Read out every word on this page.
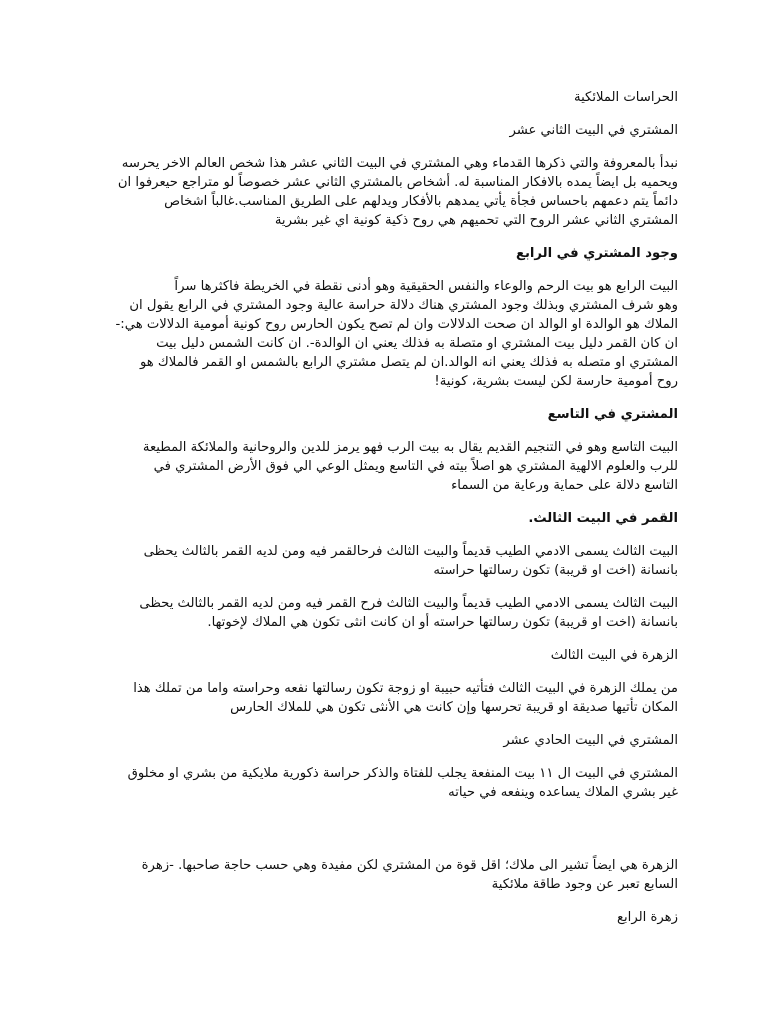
الحراسات الملائكية

المشتري في البيت الثاني عشر

نبدأ بالمعروفة والتي ذكرها القدماء وهي المشتري في البيت الثاني عشر هذا شخص العالم الاخر يحرسه

ويحميه بل ايضاً يمده بالافكار المناسبة له. أشخاص بالمشتري الثاني عشر خصوصاً لو متراجع حيعرفوا ان

دائماً يتم دعمهم باحساس فجأة يأتي يمدهم بالأفكار ويدلهم على الطريق المناسب.غالباً اشخاص

المشتري الثاني عشر الروح التي تحميهم هي روح ذكية كونية اي غير بشرية

وجود المشتري في الرابع

البيت الرابع هو بيت الرحم والوعاء والنفس الحقيقية وهو أدنى نقطة في الخريطة فاكثرها سراً

وهو شرف المشتري وبذلك وجود المشتري هناك دلالة حراسة عالية وجود المشتري في الرابع يقول ان

الملاك هو الوالدة او الوالد ان صحت الدلالات وان لم تصح يكون الحارس روح كونية أمومية الدلالات هي:-

ان كان القمر دليل بيت المشتري او متصلة به فذلك يعني ان الوالدة-. ان كانت الشمس دليل بيت

المشتري او متصله به فذلك يعني انه الوالد.ان لم يتصل مشتري الرابع بالشمس او القمر فالملاك هو

روح أمومية حارسة لكن ليست بشرية، كونية!

المشتري في التاسع

البيت التاسع وهو في التنجيم القديم يقال به بيت الرب فهو يرمز للدين والروحانية والملائكة المطيعة

للرب والعلوم الالهية المشتري هو اصلاً بيته في التاسع ويمثل الوعي الي فوق الأرض المشتري في

التاسع دلالة على حماية ورعاية من السماء

القمر في البيت الثالث.

البيت الثالث يسمى الادمي الطيب قديماً والبيت الثالث فرحالقمر فيه ومن لديه القمر بالثالث يحظى

بانسانة (اخت او قريبة) تكون رسالتها حراسته

البيت الثالث يسمى الادمي الطيب قديماً والبيت الثالث فرح القمر فيه ومن لديه القمر بالثالث يحظى

بانسانة (اخت او قريبة) تكون رسالتها حراسته أو ان كانت انثى تكون هي الملاك لإخوتها.

الزهرة في البيت الثالث

من يملك الزهرة في البيت الثالث فتأتيه حبيبة او زوجة تكون رسالتها نفعه وحراسته واما من تملك هذا

المكان تأتيها صديقة او قريبة تحرسها وإن كانت هي الأنثى تكون هي للملاك الحارس

المشتري في البيت الحادي عشر

المشتري في البيت ال ١١ بيت المنفعة يجلب للفتاة والذكر حراسة ذكورية ملايكية من بشري او مخلوق

غير بشري الملاك يساعده وينفعه في حياته

الزهرة هي ايضاً تشير الى ملاك؛ اقل قوة من المشتري لكن مفيدة وهي حسب حاجة صاحبها. -زهرة

السابع تعبر عن وجود طاقة ملائكية

زهرة الرابع
